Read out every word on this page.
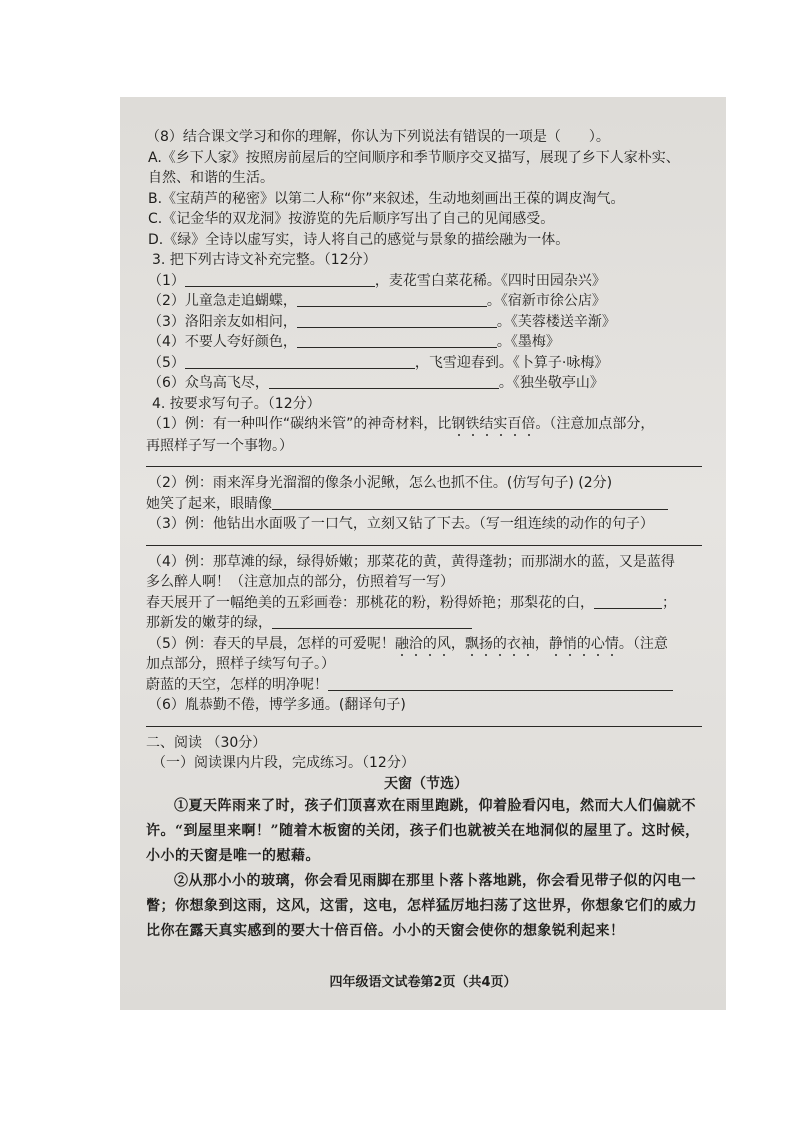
（8）结合课文学习和你的理解，你认为下列说法有错误的一项是（　　）。
A.《乡下人家》按照房前屋后的空间顺序和季节顺序交叉描写，展现了乡下人家朴实、
自然、和谐的生活。
B.《宝葫芦的秘密》以第二人称“你”来叙述，生动地刻画出王葆的调皮淘气。
C.《记金华的双龙洞》按游览的先后顺序写出了自己的见闻感受。
D.《绿》全诗以虚写实，诗人将自己的感觉与景象的描绘融为一体。
3. 把下列古诗文补充完整。（12分）
（1）	，麦花雪白菜花稀。《四时田园杂兴》
（2）儿童急走追蝴蝶，	。《宿新市徐公店》
（3）洛阳亲友如相问，	。《芙蓉楼送辛渐》
（4）不要人夸好颜色，	。《墨梅》
（5）	，飞雪迎春到。《卜算子·咏梅》
（6）众鸟高飞尽，	。《独坐敬亭山》
4. 按要求写句子。（12分）
（1）例：有一种叫作“碳纳米管”的神奇材料，比钢铁结实百倍。（注意加点部分，
再照样子写一个事物。）
（2）例：雨来浑身光溜溜的像条小泥鳅，怎么也抓不住。(仿写句子) (2分)
她笑了起来，眼睛像
（3）例：他钻出水面吸了一口气，立刻又钻了下去。（写一组连续的动作的句子）
（4）例：那草滩的绿，绿得娇嫩；那菜花的黄，黄得蓬勃；而那湖水的蓝，又是蓝得
多么醉人啊！（注意加点的部分，仿照着写一写）
春天展开了一幅绝美的五彩画卷：那桃花的粉，粉得娇艳；那梨花的白，	；
那新发的嫩芽的绿，
（5）例：春天的早晨，怎样的可爱呢！融洽的风，飘扬的衣袖，静悄的心情。（注意
加点部分，照样子续写句子。）
蔚蓝的天空，怎样的明净呢！
（6）胤恭勤不倦，博学多通。(翻译句子)
二、阅读 （30分）
（一）阅读课内片段，完成练习。（12分）
天窗（节选）
①夏天阵雨来了时，孩子们顶喜欢在雨里跑跳，仰着脸看闪电，然而大人们偏就不许。“到屋里来啊！”随着木板窗的关闭，孩子们也就被关在地洞似的屋里了。这时候，小小的天窗是唯一的慰藉。
②从那小小的玻璃，你会看见雨脚在那里卜落卜落地跳，你会看见带子似的闪电一瞥；你想象到这雨，这风，这雷，这电，怎样猛厉地扫荡了这世界，你想象它们的威力比你在露天真实感到的要大十倍百倍。小小的天窗会使你的想象锐利起来！
四年级语文试卷第2页（共4页）
